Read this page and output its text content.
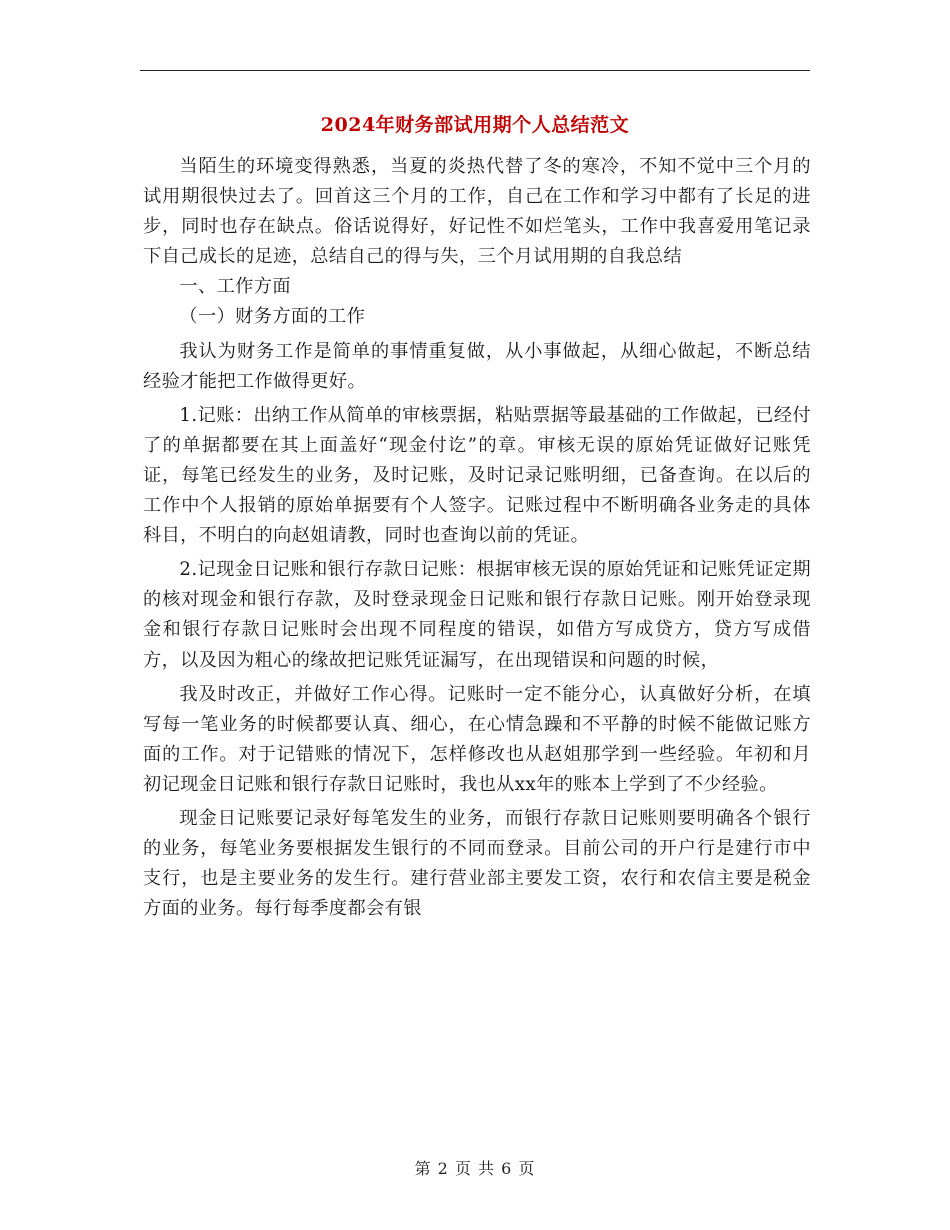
2024年财务部试用期个人总结范文

当陌生的环境变得熟悉，当夏的炎热代替了冬的寒冷，不知不觉中三个月的试用期很快过去了。回首这三个月的工作，自己在工作和学习中都有了长足的进步，同时也存在缺点。俗话说得好，好记性不如烂笔头，工作中我喜爱用笔记录下自己成长的足迹，总结自己的得与失，三个月试用期的自我总结

一、工作方面

（一）财务方面的工作

我认为财务工作是简单的事情重复做，从小事做起，从细心做起，不断总结经验才能把工作做得更好。

1.记账：出纳工作从简单的审核票据，粘贴票据等最基础的工作做起，已经付了的单据都要在其上面盖好“现金付讫”的章。审核无误的原始凭证做好记账凭证，每笔已经发生的业务，及时记账，及时记录记账明细，已备查询。在以后的工作中个人报销的原始单据要有个人签字。记账过程中不断明确各业务走的具体科目，不明白的向赵姐请教，同时也查询以前的凭证。

2.记现金日记账和银行存款日记账：根据审核无误的原始凭证和记账凭证定期的核对现金和银行存款，及时登录现金日记账和银行存款日记账。刚开始登录现金和银行存款日记账时会出现不同程度的错误，如借方写成贷方，贷方写成借方，以及因为粗心的缘故把记账凭证漏写，在出现错误和问题的时候，

我及时改正，并做好工作心得。记账时一定不能分心，认真做好分析，在填写每一笔业务的时候都要认真、细心，在心情急躁和不平静的时候不能做记账方面的工作。对于记错账的情况下，怎样修改也从赵姐那学到一些经验。年初和月初记现金日记账和银行存款日记账时，我也从xx年的账本上学到了不少经验。

现金日记账要记录好每笔发生的业务，而银行存款日记账则要明确各个银行的业务，每笔业务要根据发生银行的不同而登录。目前公司的开户行是建行市中支行，也是主要业务的发生行。建行营业部主要发工资，农行和农信主要是税金方面的业务。每行每季度都会有银

第 2 页 共 6 页
